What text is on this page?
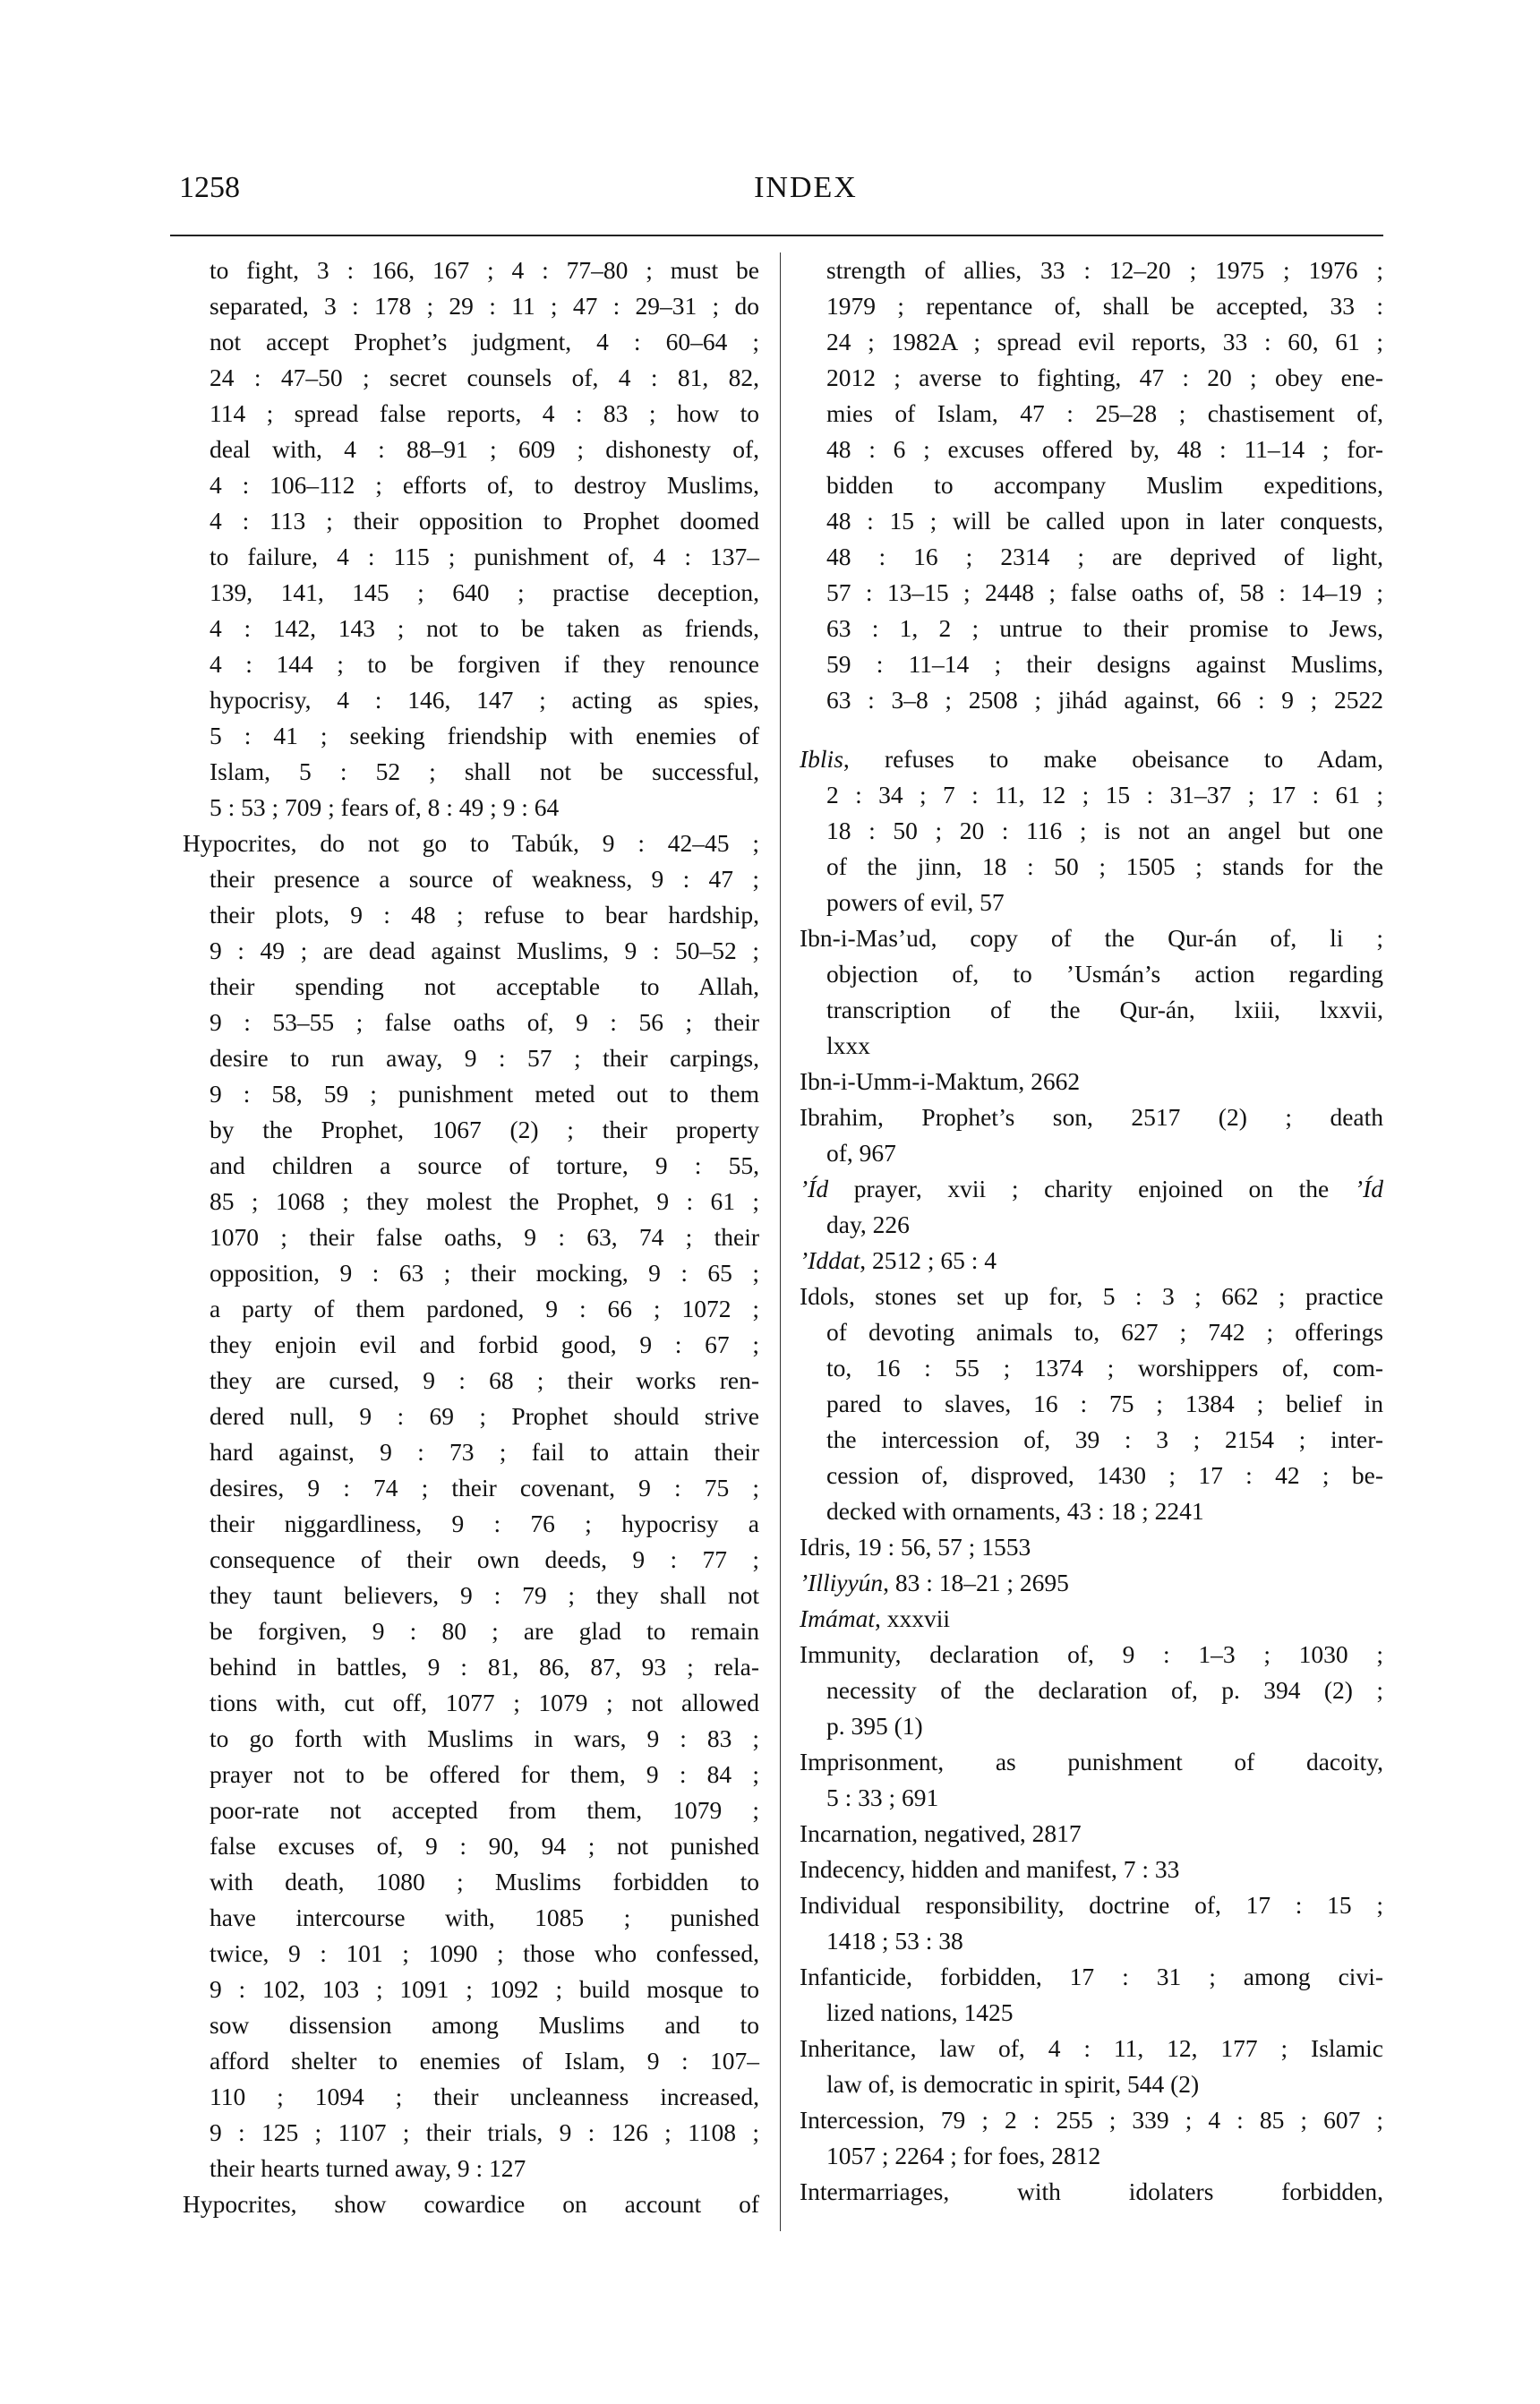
1258	INDEX
to fight, 3 : 166, 167 ; 4 : 77–80 ; must be
separated, 3 : 178 ; 29 : 11 ; 47 : 29–31 ; do
not accept Prophet’s judgment, 4 : 60–64 ;
24 : 47–50 ; secret counsels of, 4 : 81, 82,
114 ; spread false reports, 4 : 83 ; how to
deal with, 4 : 88–91 ; 609 ; dishonesty of,
4 : 106–112 ; efforts of, to destroy Muslims,
4 : 113 ; their opposition to Prophet doomed
to failure, 4 : 115 ; punishment of, 4 : 137–
139, 141, 145 ; 640 ; practise deception,
4 : 142, 143 ; not to be taken as friends,
4 : 144 ; to be forgiven if they renounce
hypocrisy, 4 : 146, 147 ; acting as spies,
5 : 41 ; seeking friendship with enemies of
Islam, 5 : 52 ; shall not be successful,
5 : 53 ; 709 ; fears of, 8 : 49 ; 9 : 64
Hypocrites, do not go to Tabúk, 9 : 42–45 ;
their presence a source of weakness, 9 : 47 ;
their plots, 9 : 48 ; refuse to bear hardship,
9 : 49 ; are dead against Muslims, 9 : 50–52 ;
their spending not acceptable to Allah,
9 : 53–55 ; false oaths of, 9 : 56 ; their
desire to run away, 9 : 57 ; their carpings,
9 : 58, 59 ; punishment meted out to them
by the Prophet, 1067 (2) ; their property
and children a source of torture, 9 : 55,
85 ; 1068 ; they molest the Prophet, 9 : 61 ;
1070 ; their false oaths, 9 : 63, 74 ; their
opposition, 9 : 63 ; their mocking, 9 : 65 ;
a party of them pardoned, 9 : 66 ; 1072 ;
they enjoin evil and forbid good, 9 : 67 ;
they are cursed, 9 : 68 ; their works ren-
dered null, 9 : 69 ; Prophet should strive
hard against, 9 : 73 ; fail to attain their
desires, 9 : 74 ; their covenant, 9 : 75 ;
their niggardliness, 9 : 76 ; hypocrisy a
consequence of their own deeds, 9 : 77 ;
they taunt believers, 9 : 79 ; they shall not
be forgiven, 9 : 80 ; are glad to remain
behind in battles, 9 : 81, 86, 87, 93 ; rela-
tions with, cut off, 1077 ; 1079 ; not allowed
to go forth with Muslims in wars, 9 : 83 ;
prayer not to be offered for them, 9 : 84 ;
poor-rate not accepted from them, 1079 ;
false excuses of, 9 : 90, 94 ; not punished
with death, 1080 ; Muslims forbidden to
have intercourse with, 1085 ; punished
twice, 9 : 101 ; 1090 ; those who confessed,
9 : 102, 103 ; 1091 ; 1092 ; build mosque to
sow dissension among Muslims and to
afford shelter to enemies of Islam, 9 : 107–
110 ; 1094 ; their uncleanness increased,
9 : 125 ; 1107 ; their trials, 9 : 126 ; 1108 ;
their hearts turned away, 9 : 127
Hypocrites, show cowardice on account of
strength of allies, 33 : 12–20 ; 1975 ; 1976 ;
1979 ; repentance of, shall be accepted, 33 :
24 ; 1982A ; spread evil reports, 33 : 60, 61 ;
2012 ; averse to fighting, 47 : 20 ; obey ene-
mies of Islam, 47 : 25–28 ; chastisement of,
48 : 6 ; excuses offered by, 48 : 11–14 ; for-
bidden to accompany Muslim expeditions,
48 : 15 ; will be called upon in later conquests,
48 : 16 ; 2314 ; are deprived of light,
57 : 13–15 ; 2448 ; false oaths of, 58 : 14–19 ;
63 : 1, 2 ; untrue to their promise to Jews,
59 : 11–14 ; their designs against Muslims,
63 : 3–8 ; 2508 ; jihád against, 66 : 9 ; 2522
Iblis, refuses to make obeisance to Adam,
2 : 34 ; 7 : 11, 12 ; 15 : 31–37 ; 17 : 61 ;
18 : 50 ; 20 : 116 ; is not an angel but one
of the jinn, 18 : 50 ; 1505 ; stands for the
powers of evil, 57
Ibn-i-Mas’ud, copy of the Qur-án of, li ;
objection of, to ’Usmán’s action regarding
transcription of the Qur-án, lxiii, lxxvii,
lxxx
Ibn-i-Umm-i-Maktum, 2662
Ibrahim, Prophet’s son, 2517 (2) ; death
of, 967
’Íd prayer, xvii ; charity enjoined on the ’Íd
day, 226
’Iddat, 2512 ; 65 : 4
Idols, stones set up for, 5 : 3 ; 662 ; practice
of devoting animals to, 627 ; 742 ; offerings
to, 16 : 55 ; 1374 ; worshippers of, com-
pared to slaves, 16 : 75 ; 1384 ; belief in
the intercession of, 39 : 3 ; 2154 ; inter-
cession of, disproved, 1430 ; 17 : 42 ; be-
decked with ornaments, 43 : 18 ; 2241
Idris, 19 : 56, 57 ; 1553
’Illiyyún, 83 : 18–21 ; 2695
Imámat, xxxvii
Immunity, declaration of, 9 : 1–3 ; 1030 ;
necessity of the declaration of, p. 394 (2) ;
p. 395 (1)
Imprisonment, as punishment of dacoity,
5 : 33 ; 691
Incarnation, negatived, 2817
Indecency, hidden and manifest, 7 : 33
Individual responsibility, doctrine of, 17 : 15 ;
1418 ; 53 : 38
Infanticide, forbidden, 17 : 31 ; among civi-
lized nations, 1425
Inheritance, law of, 4 : 11, 12, 177 ; Islamic
law of, is democratic in spirit, 544 (2)
Intercession, 79 ; 2 : 255 ; 339 ; 4 : 85 ; 607 ;
1057 ; 2264 ; for foes, 2812
Intermarriages, with idolaters forbidden,
